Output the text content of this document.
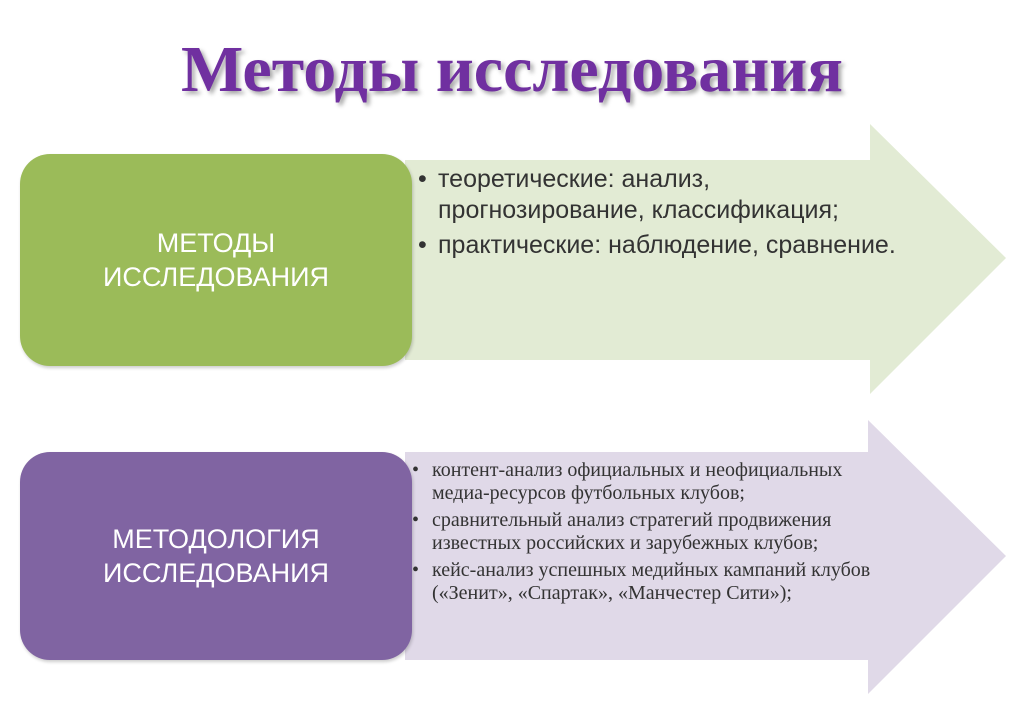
Методы исследования
МЕТОДЫ
ИССЛЕДОВАНИЯ
• теоретические: анализ, прогнозирование, классификация;
• практические: наблюдение, сравнение.
МЕТОДОЛОГИЯ
ИССЛЕДОВАНИЯ
• контент-анализ официальных и неофициальных медиа-ресурсов футбольных клубов;
• сравнительный анализ стратегий продвижения известных российских и зарубежных клубов;
• кейс-анализ успешных медийных кампаний клубов («Зенит», «Спартак», «Манчестер Сити»);
